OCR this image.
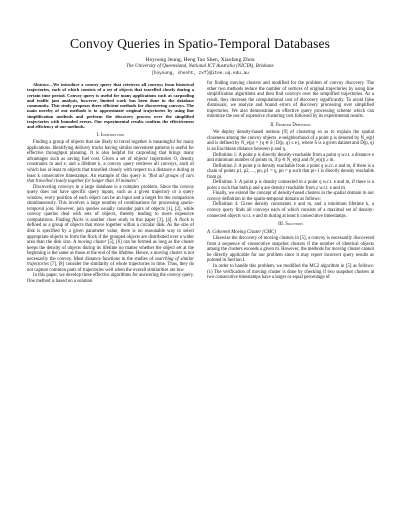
Convoy Queries in Spatio-Temporal Databases
Hoyoung Jeung, Heng Tao Shen, Xiaofang Zhou
The University of Queensland, National ICT Australia (NICTA), Brisbane
{hoyoung, shenht, zxf}@itee.uq.edu.au

Abstract—We introduce a convoy query that retrieves all convoys from historical trajectories, each of which consists of a set of objects that travelled closely during a certain time period. Convoy query is useful for many applications such as carpooling and traffic jam analysis, however, limited work has been done in the database community. This study proposes three efficient methods for discovering convoys. The main novelty of our methods is to approximate original trajectories by using line simplification methods and perform the discovery process over the simplified trajectories with bounded errors. Our experimental results confirm the effectiveness and efficiency of our methods.

I. Introduction

Finding a group of objects that are likely to travel together is meaningful for many applications. Identifying delivery trucks having similar movement patterns is useful for effective throughput planning. It is also helpful for carpooling that brings many advantages such as saving fuel cost. Given a set of objects' trajectories O, density constraints m and e, and a lifetime k, a convoy query retrieves all convoys, each of which has at least m objects that travelled closely with respect to a distance e during at least k consecutive timestamps. An example of this query is "find all groups of cars that travelled closely together for longer than 10 minutes".

Discovering convoys in a large database is a complex problem. Since the convoy query does not have specific query inputs, such as a given trajectory or a query window, every position of each object can be an input and a target for the comparison simultaneously. This involves a large number of combinations for processing spatio-temporal join. However, join queries usually consider pairs of objects [1], [2], while convoy queries deal with sets of objects, thereby leading to more expensive computations. Finding flocks is another close study to this paper [3], [4]. A flock is defined as a group of objects that move together within a circular disk. As the size of disk is specified by a given parameter value, there is no reasonable way to select appropriate objects to form the flock if the grouped objects are distributed over a wider area than the disk size. A moving cluster [5], [6] can be formed as long as the cluster keeps the density of objects during its lifetime no matter whether the object set at the beginning is the same as those at the end of the lifetime. Hence, a moving cluster is not necessarily the convoy. Most distance functions in the studies of searching of similar trajectories [7], [8] consider the similarity of whole trajectories in time. Thus, they do not capture common parts of trajectories well when the overall similarities are low.

In this paper, we develop three effective algorithms for answering the convoy query. One method is based on a solution

for finding moving clusters and modified for the problem of convoy discovery. The other two methods reduce the number of vertices of original trajectories by using line simplification algorithms and then find convoys over the simplified trajectories. As a result, they decrease the computational cost of discovery significantly. To avoid false dismissals, we analyze and bound errors of discovery processing over simplified trajectories. We also demonstrate an effective query processing scheme which can minimize the use of expensive clustering cost followed by its experimental results.

II. Problem Definition

We deploy density-based notions [9] of clustering so as to explain the spatial closeness among the convoy objects. e-neighborhood of a point p is denoted by N_e(p) and is defined by N_e(p) = {q ∈ S | D(p, q) ≤ e}, where S is a given dataset and D(p, q) is an Euclidean distance between p and q.

Definition 1: A point p is directly density-reachable from a point q w.r.t. a distance e and minimum number of points m, if p ∈ N_e(q) and |N_e(q)| ≥ m.

Definition 2: A point p is density reachable from a point q w.r.t. e and m, if there is a chain of points p1, p2, ..., pn, p1 = q, pn = p such that pi+1 is directly density reachable from pi.

Definition 3: A point p is density connected to a point q w.r.t. e and m, if there is a point z such that both p and q are density reachable from z w.r.t. e and m.

Finally, we extend the concept of density-based clusters in the spatial domain to our convoy definition in the spatio-temporal domain as follows:

Definition 4: Given density constraints e and m, and a minimum lifetime k, a convoy query finds all convoys each of which consists of a maximal set of density-connected objects w.r.t. e and m during at least k consecutive timestamps.

III. Solutions
A. Coherent Moving Cluster (CMC)

Likewise the discovery of moving clusters in [5], a convoy is necessarily discovered from a sequence of consecutive snapshot clusters if the number of identical objects among the clusters exceeds a given m. However, the methods for moving cluster cannot be directly applicable for our problem since it may report incorrect query results as pointed in Section I.

In order to handle this problem, we modified the MC2 algorithm in [5] as follows: (1) The verification of moving cluster is done by checking if two snapshot clusters at two consecutive timestamps have a larger or equal percentage of
